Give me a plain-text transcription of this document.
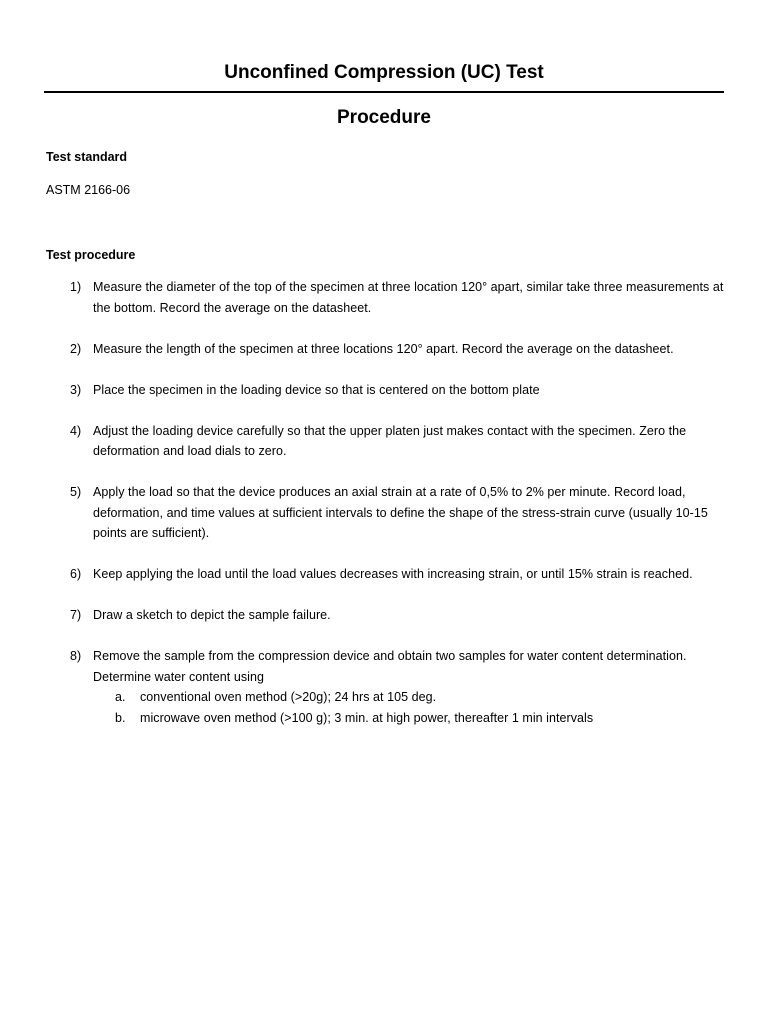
Unconfined Compression (UC) Test
Procedure
Test standard
ASTM 2166-06
Test procedure
1) Measure the diameter of the top of the specimen at three location 120° apart, similar take three measurements at the bottom. Record the average on the datasheet.
2) Measure the length of the specimen at three locations 120° apart. Record the average on the datasheet.
3) Place the specimen in the loading device so that is centered on the bottom plate
4) Adjust the loading device carefully so that the upper platen just makes contact with the specimen. Zero the deformation and load dials to zero.
5) Apply the load so that the device produces an axial strain at a rate of 0,5% to 2% per minute. Record load, deformation, and time values at sufficient intervals to define the shape of the stress-strain curve (usually 10-15 points are sufficient).
6) Keep applying the load until the load values decreases with increasing strain, or until 15% strain is reached.
7) Draw a sketch to depict the sample failure.
8) Remove the sample from the compression device and obtain two samples for water content determination. Determine water content using
a. conventional oven method (>20g); 24 hrs at 105 deg.
b. microwave oven method (>100 g); 3 min. at high power, thereafter 1 min intervals
